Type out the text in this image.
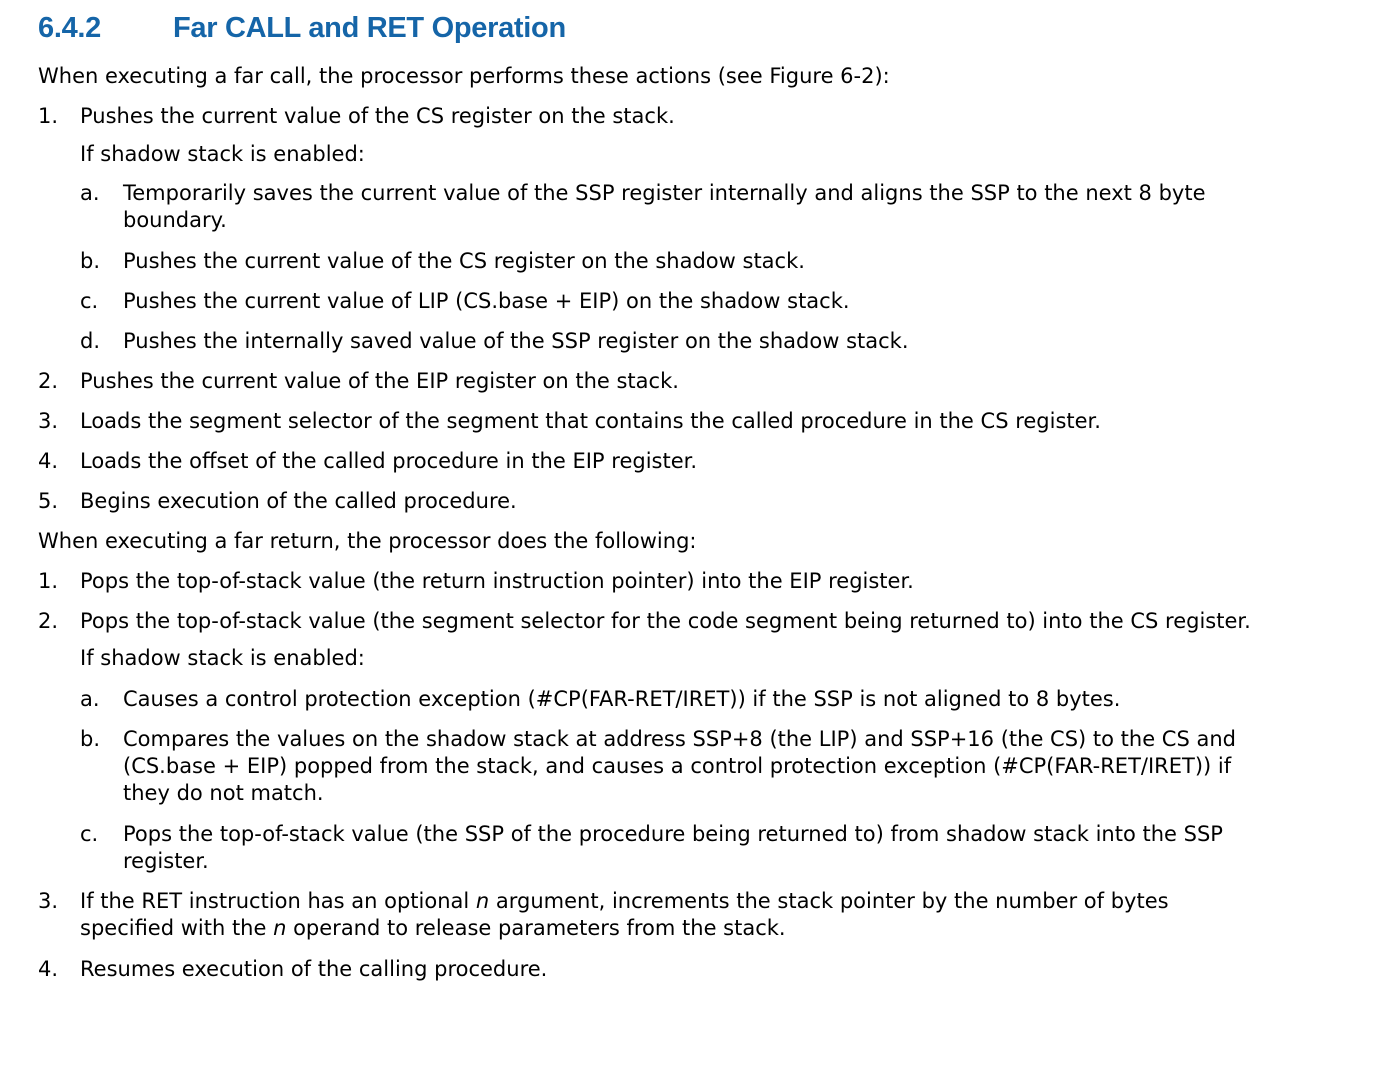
6.4.2 Far CALL and RET Operation
When executing a far call, the processor performs these actions (see Figure 6-2):
1. Pushes the current value of the CS register on the stack.
If shadow stack is enabled:
a. Temporarily saves the current value of the SSP register internally and aligns the SSP to the next 8 byte
boundary.
b. Pushes the current value of the CS register on the shadow stack.
c. Pushes the current value of LIP (CS.base + EIP) on the shadow stack.
d. Pushes the internally saved value of the SSP register on the shadow stack.
2. Pushes the current value of the EIP register on the stack.
3. Loads the segment selector of the segment that contains the called procedure in the CS register.
4. Loads the offset of the called procedure in the EIP register.
5. Begins execution of the called procedure.
When executing a far return, the processor does the following:
1. Pops the top-of-stack value (the return instruction pointer) into the EIP register.
2. Pops the top-of-stack value (the segment selector for the code segment being returned to) into the CS register.
If shadow stack is enabled:
a. Causes a control protection exception (#CP(FAR-RET/IRET)) if the SSP is not aligned to 8 bytes.
b. Compares the values on the shadow stack at address SSP+8 (the LIP) and SSP+16 (the CS) to the CS and
(CS.base + EIP) popped from the stack, and causes a control protection exception (#CP(FAR-RET/IRET)) if
they do not match.
c. Pops the top-of-stack value (the SSP of the procedure being returned to) from shadow stack into the SSP
register.
3. If the RET instruction has an optional n argument, increments the stack pointer by the number of bytes
specified with the n operand to release parameters from the stack.
4. Resumes execution of the calling procedure.
